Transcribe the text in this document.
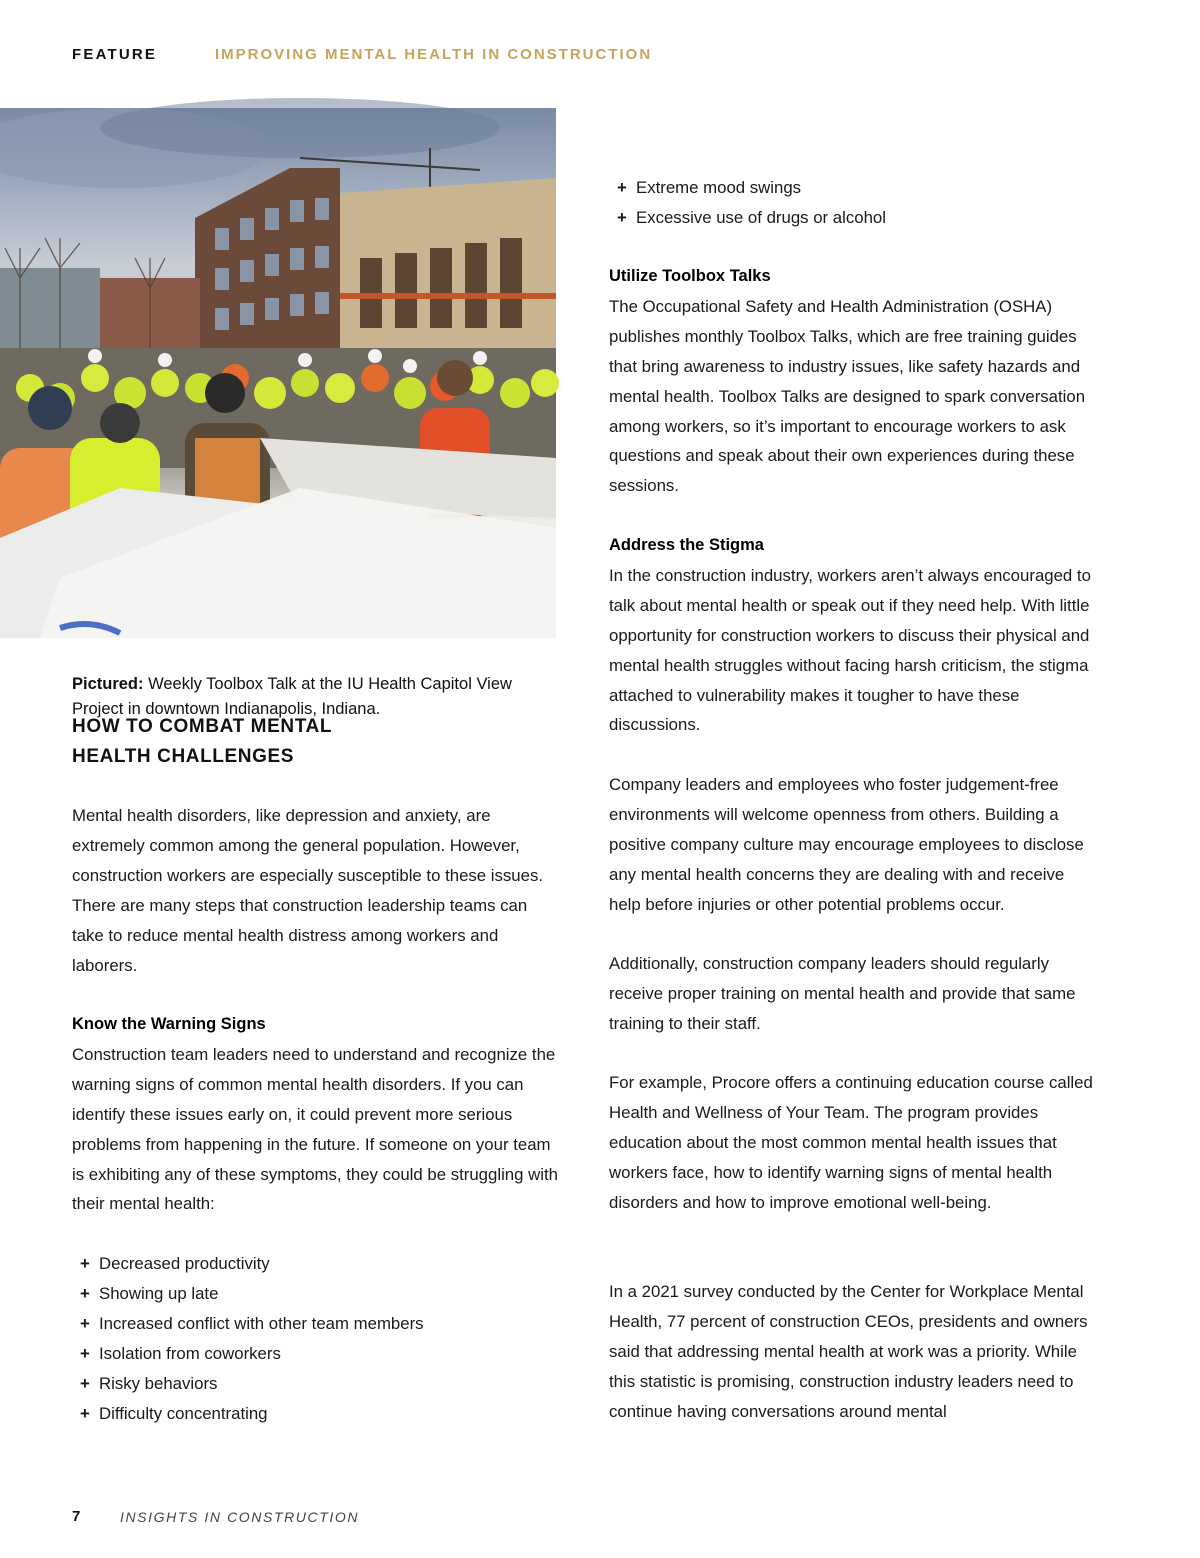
FEATURE	IMPROVING MENTAL HEALTH IN CONSTRUCTION
Pictured: Weekly Toolbox Talk at the IU Health Capitol View Project in downtown Indianapolis, Indiana.
HOW TO COMBAT MENTAL
HEALTH CHALLENGES

Mental health disorders, like depression and anxiety, are extremely common among the general population. However, construction workers are especially susceptible to these issues. There are many steps that construction leadership teams can take to reduce mental health distress among workers and laborers.

Know the Warning Signs

Construction team leaders need to understand and recognize the warning signs of common mental health disorders. If you can identify these issues early on, it could prevent more serious problems from happening in the future. If someone on your team is exhibiting any of these symptoms, they could be struggling with their mental health:

+ Decreased productivity
+ Showing up late
+ Increased conflict with other team members
+ Isolation from coworkers
+ Risky behaviors
+ Difficulty concentrating
+ Extreme mood swings
+ Excessive use of drugs or alcohol

Utilize Toolbox Talks

The Occupational Safety and Health Administration (OSHA) publishes monthly Toolbox Talks, which are free training guides that bring awareness to industry issues, like safety hazards and mental health. Toolbox Talks are designed to spark conversation among workers, so it’s important to encourage workers to ask questions and speak about their own experiences during these sessions.

Address the Stigma

In the construction industry, workers aren’t always encouraged to talk about mental health or speak out if they need help. With little opportunity for construction workers to discuss their physical and mental health struggles without facing harsh criticism, the stigma attached to vulnerability makes it tougher to have these discussions.

Company leaders and employees who foster judgement-free environments will welcome openness from others. Building a positive company culture may encourage employees to disclose any mental health concerns they are dealing with and receive help before injuries or other potential problems occur.

Additionally, construction company leaders should regularly receive proper training on mental health and provide that same training to their staff.

For example, Procore offers a continuing education course called Health and Wellness of Your Team. The program provides education about the most common mental health issues that workers face, how to identify warning signs of mental health disorders and how to improve emotional well-being.

In a 2021 survey conducted by the Center for Workplace Mental Health, 77 percent of construction CEOs, presidents and owners said that addressing mental health at work was a priority. While this statistic is promising, construction industry leaders need to continue having conversations around mental

7	INSIGHTS IN CONSTRUCTION
